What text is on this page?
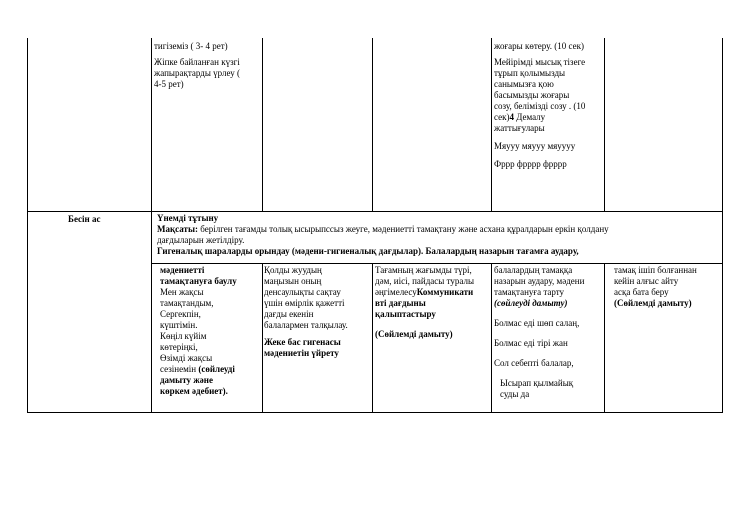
тигіземіз ( 3- 4 рет)
Жіпке байланған күзгі
жапырақтарды үрлеу (
4-5 рет)
жоғары көтеру. (10 сек)
Мейірімді мысық тізеге
тұрып қолымызды
санымызға қою
басымызды жоғары
созу, белімізді созу . (10
сек)4 Демалу
жаттығулары
Мяууу мяууу мяуууу
Фррр фрррр фрррр
Бесін ас	Үнемді тұтыну
Мақсаты: берілген тағамды толық ысырыпссыз жеуге, мәдениетті тамақтану және асхана құралдарын еркін қолдану
дағдыларын жетілдіру.
Гигеналық шараларды орындау (мәдени-гигиеналық дағдылар). Балалардың назарын тағамға аудару,
мәдениетті
тамақтануға баулу
Мен жақсы
тамақтандым,
Сергекпін,
күштімін.
Көңіл күйім
көтеріңкі,
Өзімді жақсы
сезінемін (сөйлеуді
дамыту және
көркем әдебиет).
Қолды жуудың
маңызын оның
денсаулықты сақтау
үшін өмірлік қажетті
дағды екенін
балалармен талқылау.
Жеке бас гигенасы
мәдениетін үйрету
Тағамның жағымды түрі,
дәм, иісі, пайдасы туралы
әңгімелесуКоммуникати
вті дағдыны
қалыптастыру
(Сөйлемді дамыту)
балалардың тамаққа
назарын аудару, мәдени
тамақтануға тарту
(сөйлеуді дамыту)
Болмас еді шөп салаң,
Болмас еді тірі жан
Сол себепті балалар,
Ысырап қылмайық
суды да
тамақ ішіп болғаннан
кейін алғыс айту
асқа бата беру
(Сөйлемді дамыту)
